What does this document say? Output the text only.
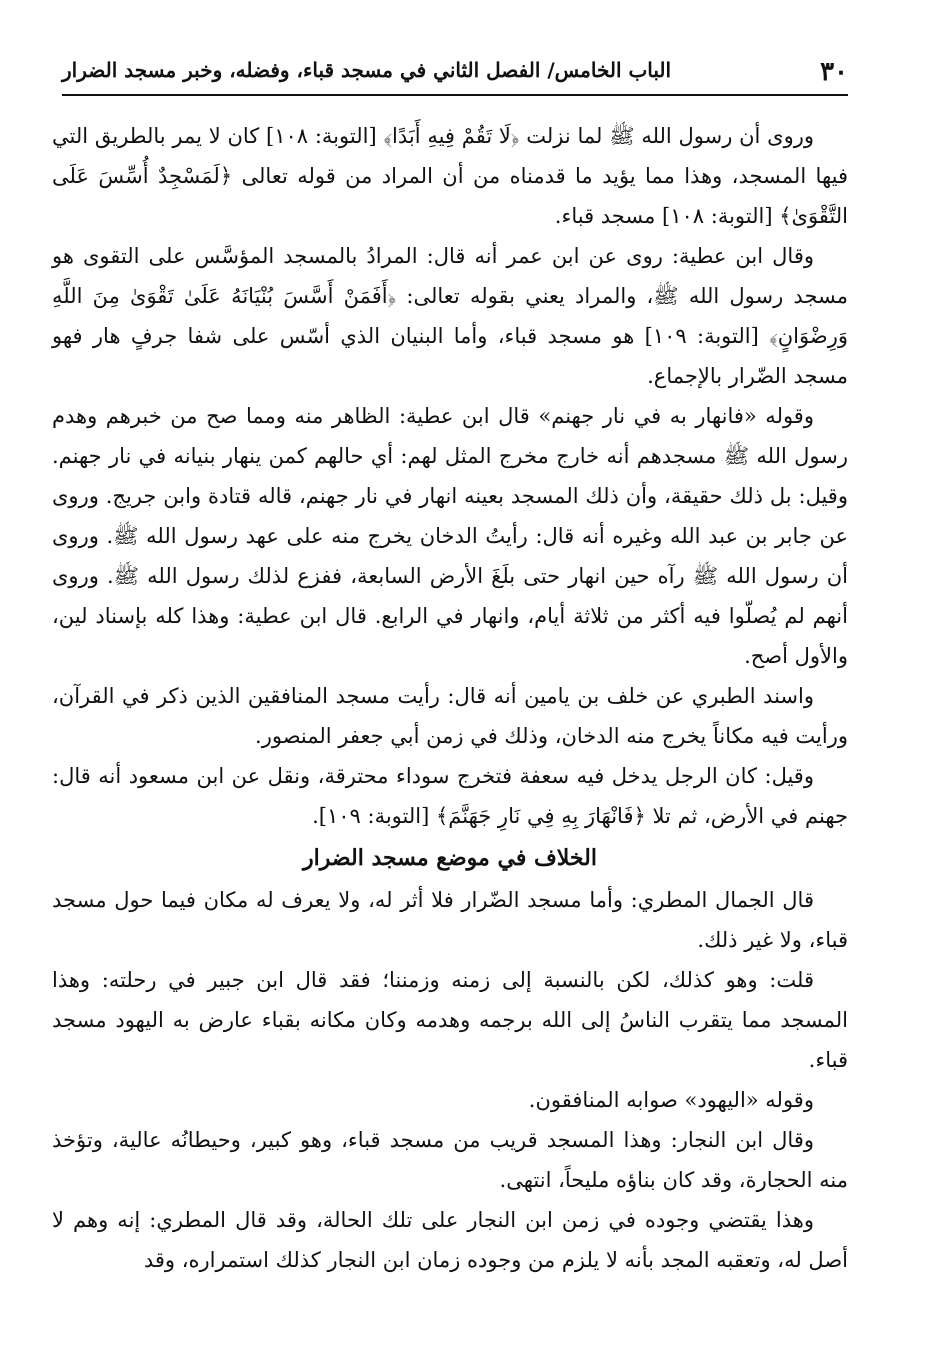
٣٠
الباب الخامس/ الفصل الثاني في مسجد قباء، وفضله، وخبر مسجد الضرار

وروى أن رسول الله ﷺ لما نزلت ﴿لَا تَقُمْ فِيهِ أَبَدًا﴾ [التوبة: ١٠٨] كان لا يمر بالطريق التي فيها المسجد، وهذا مما يؤيد ما قدمناه من أن المراد من قوله تعالى ﴿لَمَسْجِدٌ أُسِّسَ عَلَى التَّقْوَىٰ﴾ [التوبة: ١٠٨] مسجد قباء.

وقال ابن عطية: روى عن ابن عمر أنه قال: المرادُ بالمسجد المؤسَّس على التقوى هو مسجد رسول الله ﷺ، والمراد يعني بقوله تعالى: ﴿أَفَمَنْ أَسَّسَ بُنْيَانَهُ عَلَىٰ تَقْوَىٰ مِنَ اللَّهِ وَرِضْوَانٍ﴾ [التوبة: ١٠٩] هو مسجد قباء، وأما البنيان الذي أسّس على شفا جرفٍ هار فهو مسجد الضّرار بالإجماع.

وقوله «فانهار به في نار جهنم» قال ابن عطية: الظاهر منه ومما صح من خبرهم وهدم رسول الله ﷺ مسجدهم أنه خارج مخرج المثل لهم: أي حالهم كمن ينهار بنيانه في نار جهنم. وقيل: بل ذلك حقيقة، وأن ذلك المسجد بعينه انهار في نار جهنم، قاله قتادة وابن جريج. وروى عن جابر بن عبد الله وغيره أنه قال: رأيتُ الدخان يخرج منه على عهد رسول الله ﷺ. وروى أن رسول الله ﷺ رآه حين انهار حتى بلَغَ الأرض السابعة، ففزع لذلك رسول الله ﷺ. وروى أنهم لم يُصلّوا فيه أكثر من ثلاثة أيام، وانهار في الرابع. قال ابن عطية: وهذا كله بإسناد لين، والأول أصح.

واسند الطبري عن خلف بن يامين أنه قال: رأيت مسجد المنافقين الذين ذكر في القرآن، ورأيت فيه مكاناً يخرج منه الدخان، وذلك في زمن أبي جعفر المنصور.

وقيل: كان الرجل يدخل فيه سعفة فتخرج سوداء محترقة، ونقل عن ابن مسعود أنه قال: جهنم في الأرض، ثم تلا ﴿فَانْهَارَ بِهِ فِي نَارِ جَهَنَّمَ﴾ [التوبة: ١٠٩].

الخلاف في موضع مسجد الضرار

قال الجمال المطري: وأما مسجد الضّرار فلا أثر له، ولا يعرف له مكان فيما حول مسجد قباء، ولا غير ذلك.

قلت: وهو كذلك، لكن بالنسبة إلى زمنه وزمننا؛ فقد قال ابن جبير في رحلته: وهذا المسجد مما يتقرب الناسُ إلى الله برجمه وهدمه وكان مكانه بقباء عارض به اليهود مسجد قباء.

وقوله «اليهود» صوابه المنافقون.

وقال ابن النجار: وهذا المسجد قريب من مسجد قباء، وهو كبير، وحيطانُه عالية، وتؤخذ منه الحجارة، وقد كان بناؤه مليحاً، انتهى.

وهذا يقتضي وجوده في زمن ابن النجار على تلك الحالة، وقد قال المطري: إنه وهم لا أصل له، وتعقبه المجد بأنه لا يلزم من وجوده زمان ابن النجار كذلك استمراره، وقد
